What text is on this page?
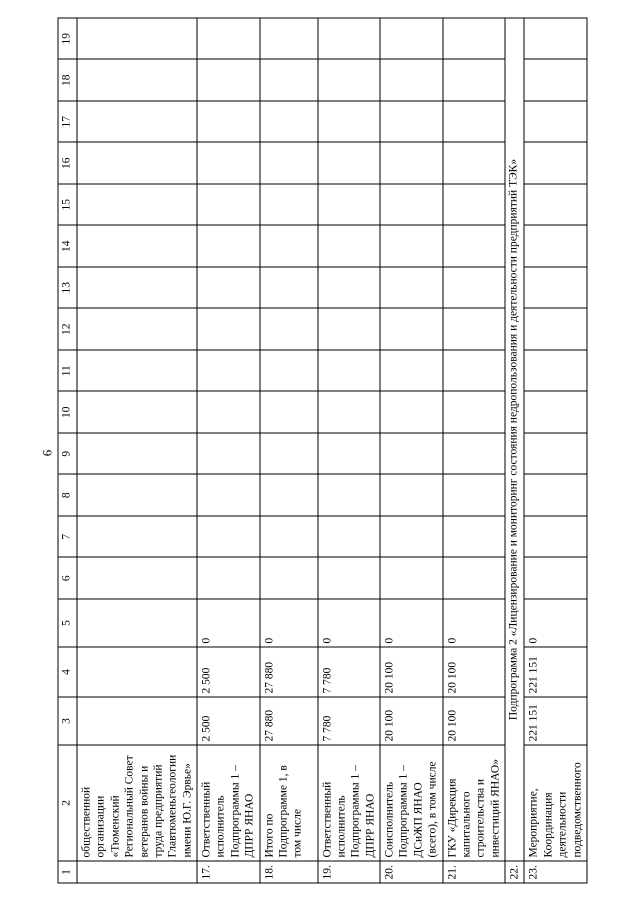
6
1	2	3	4	5	6	7	8	9	10	11	12	13	14	15	16	17	18	19
	общественной организации «Тюменский Региональный Совет ветеранов войны и труда предприятий Главтюменьгеологии имени Ю.Г. Эрвье»																	
17.	Ответственный исполнитель Подпрограммы 1 – ДПРР ЯНАО	2 500	2 500	0														
18.	Итого по Подпрограмме 1, в том числе	27 880	27 880	0														
19.	Ответственный исполнитель Подпрограммы 1 – ДПРР ЯНАО	7 780	7 780	0														
20.	Соисполнитель Подпрограммы 1 – ДСиЖП ЯНАО (всего), в том числе	20 100	20 100	0														
21.	ГКУ «Дирекция капитального строительства и инвестиций ЯНАО»	20 100	20 100	0														
22.	Подпрограмма 2 «Лицензирование и мониторинг состояния недропользования и деятельности предприятий ТЭК»																	
23.	Мероприятие, Координация деятельности подведомственного	221 151	221 151	0														
